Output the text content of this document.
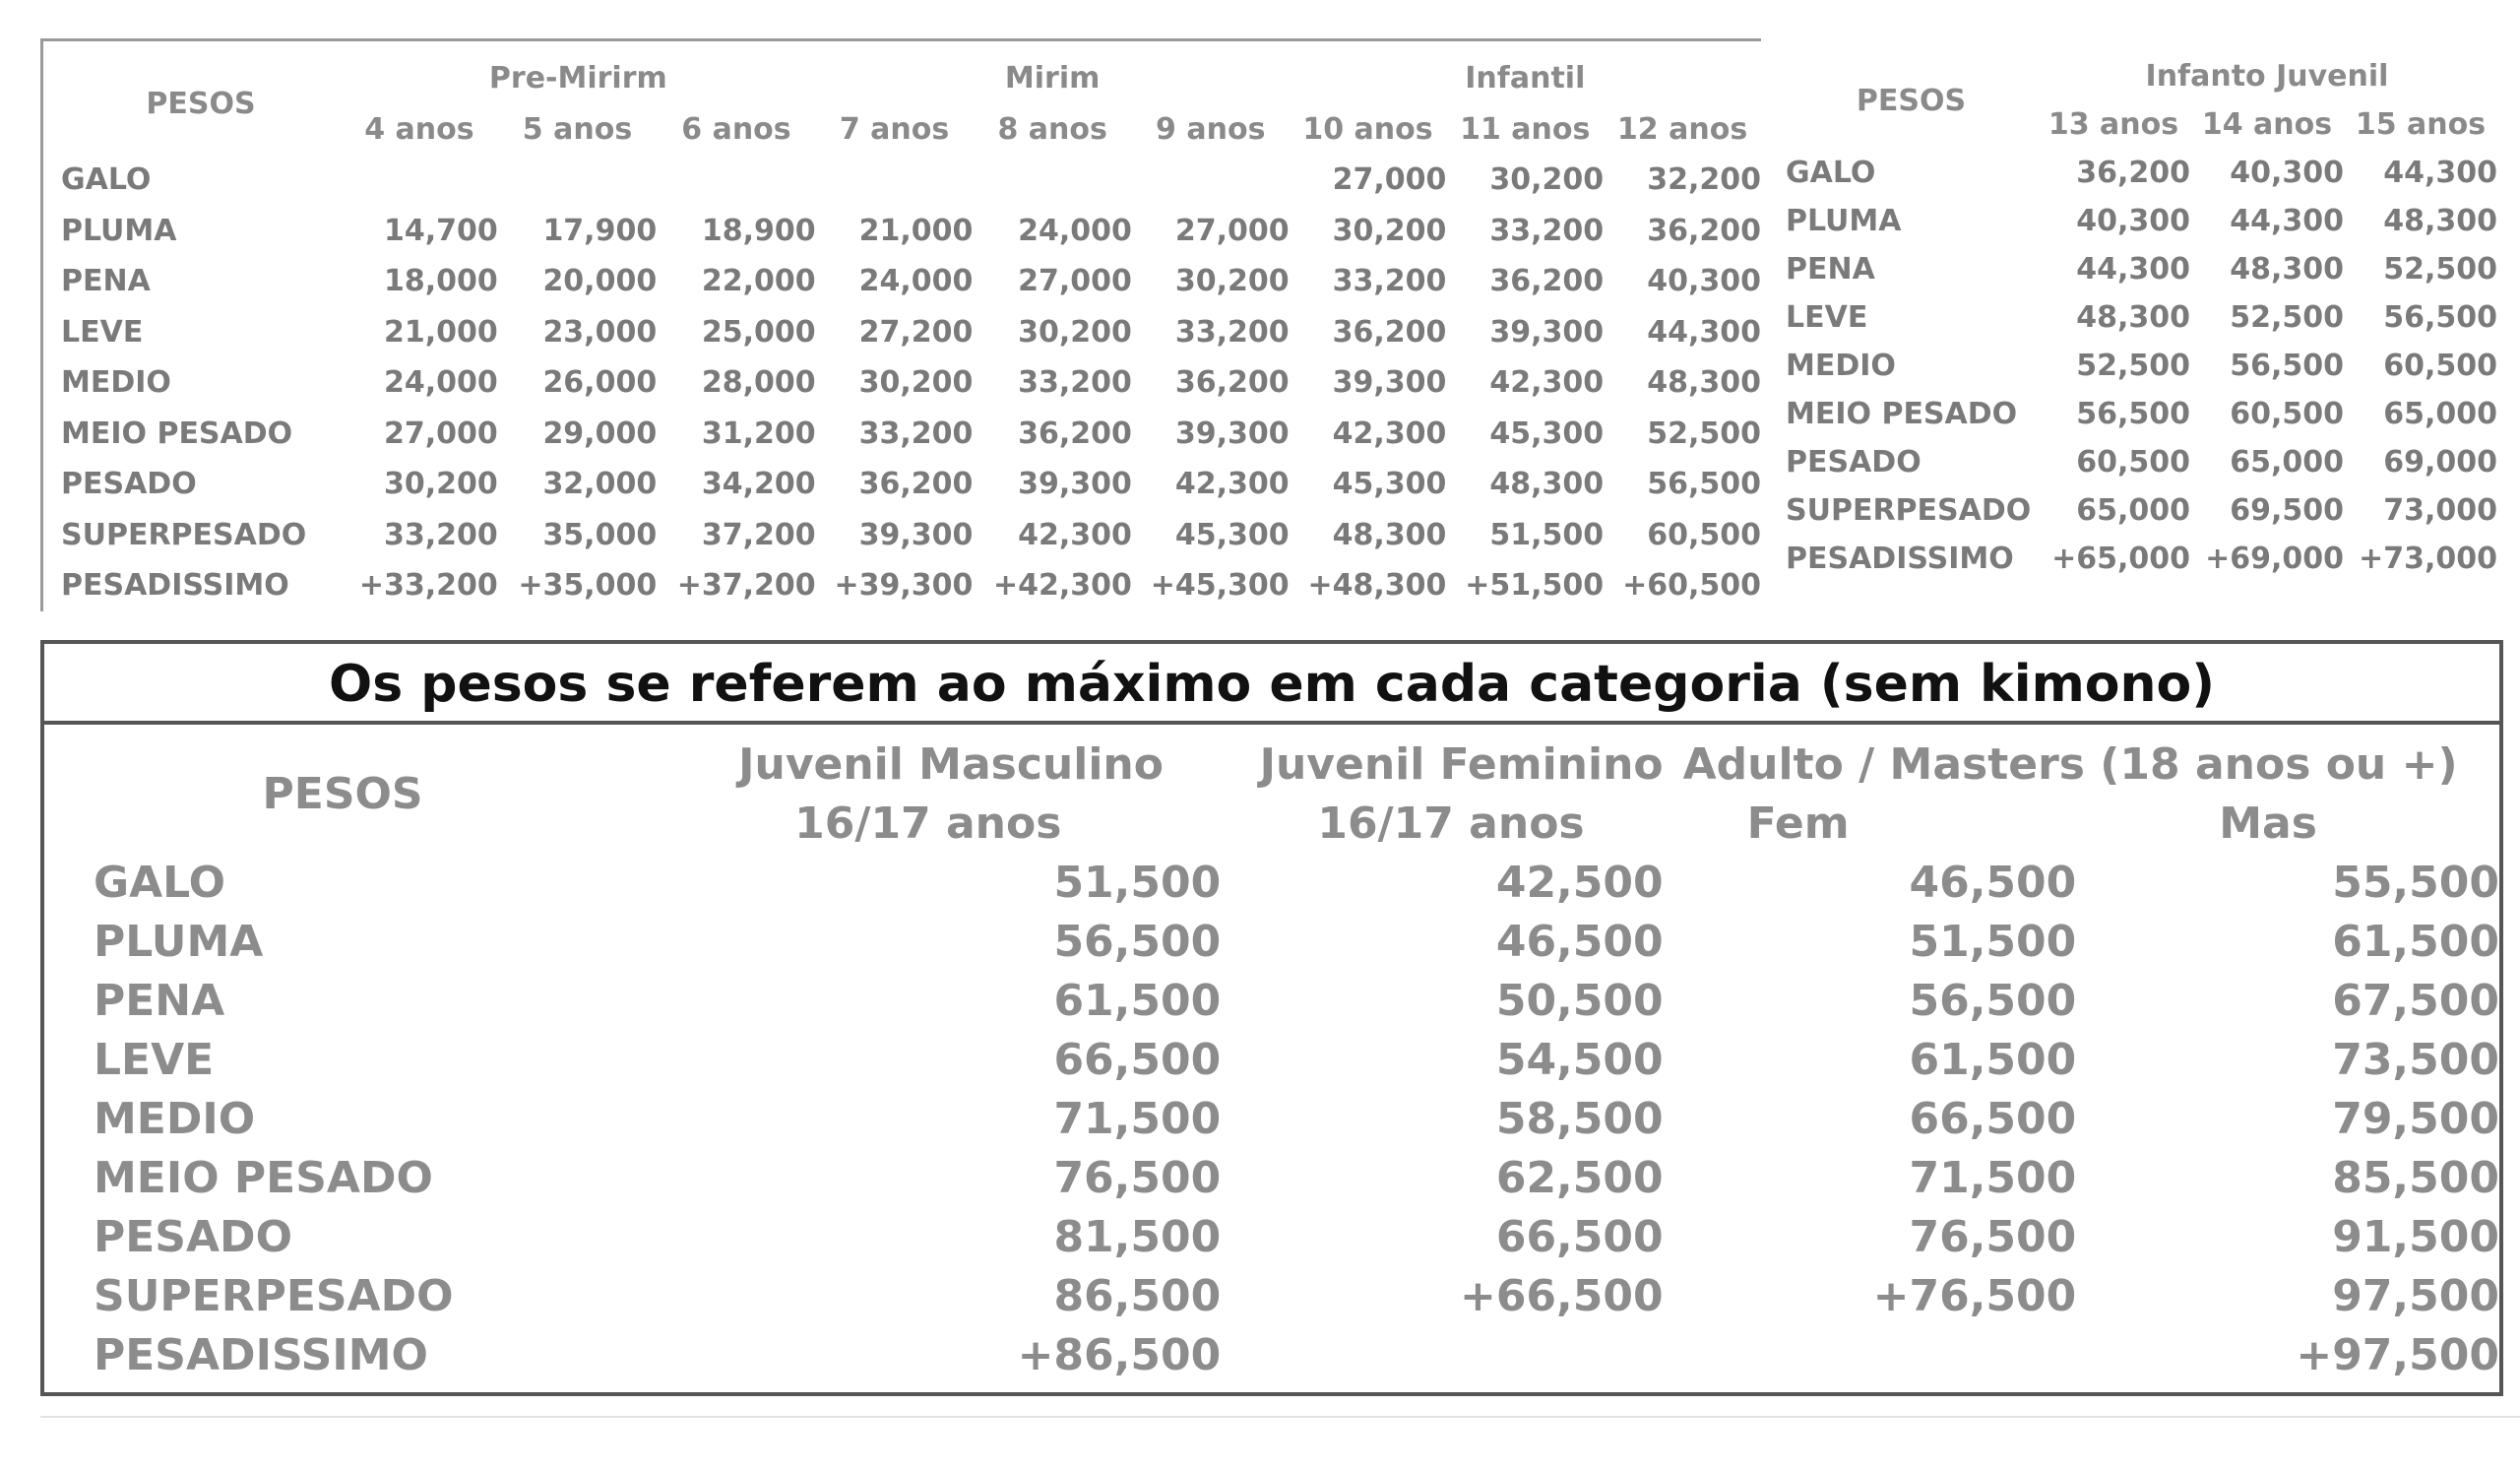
PESOS	Pre-Mirirm			Mirim			Infantil		
	4 anos	5 anos	6 anos	7 anos	8 anos	9 anos	10 anos	11 anos	12 anos
GALO							27,000	30,200	32,200
PLUMA	14,700	17,900	18,900	21,000	24,000	27,000	30,200	33,200	36,200
PENA	18,000	20,000	22,000	24,000	27,000	30,200	33,200	36,200	40,300
LEVE	21,000	23,000	25,000	27,200	30,200	33,200	36,200	39,300	44,300
MEDIO	24,000	26,000	28,000	30,200	33,200	36,200	39,300	42,300	48,300
MEIO PESADO	27,000	29,000	31,200	33,200	36,200	39,300	42,300	45,300	52,500
PESADO	30,200	32,000	34,200	36,200	39,300	42,300	45,300	48,300	56,500
SUPERPESADO	33,200	35,000	37,200	39,300	42,300	45,300	48,300	51,500	60,500
PESADISSIMO	+33,200	+35,000	+37,200	+39,300	+42,300	+45,300	+48,300	+51,500	+60,500
PESOS	Infanto Juvenil		
	13 anos	14 anos	15 anos
GALO	36,200	40,300	44,300
PLUMA	40,300	44,300	48,300
PENA	44,300	48,300	52,500
LEVE	48,300	52,500	56,500
MEDIO	52,500	56,500	60,500
MEIO PESADO	56,500	60,500	65,000
PESADO	60,500	65,000	69,000
SUPERPESADO	65,000	69,500	73,000
PESADISSIMO	+65,000	+69,000	+73,000
Os pesos se referem ao máximo em cada categoria (sem kimono)
PESOS	Juvenil Masculino	Juvenil Feminino	Adulto / Masters (18 anos ou +)	
	16/17 anos	16/17 anos	Fem	Mas
GALO	51,500	42,500	46,500	55,500
PLUMA	56,500	46,500	51,500	61,500
PENA	61,500	50,500	56,500	67,500
LEVE	66,500	54,500	61,500	73,500
MEDIO	71,500	58,500	66,500	79,500
MEIO PESADO	76,500	62,500	71,500	85,500
PESADO	81,500	66,500	76,500	91,500
SUPERPESADO	86,500	+66,500	+76,500	97,500
PESADISSIMO	+86,500			+97,500
